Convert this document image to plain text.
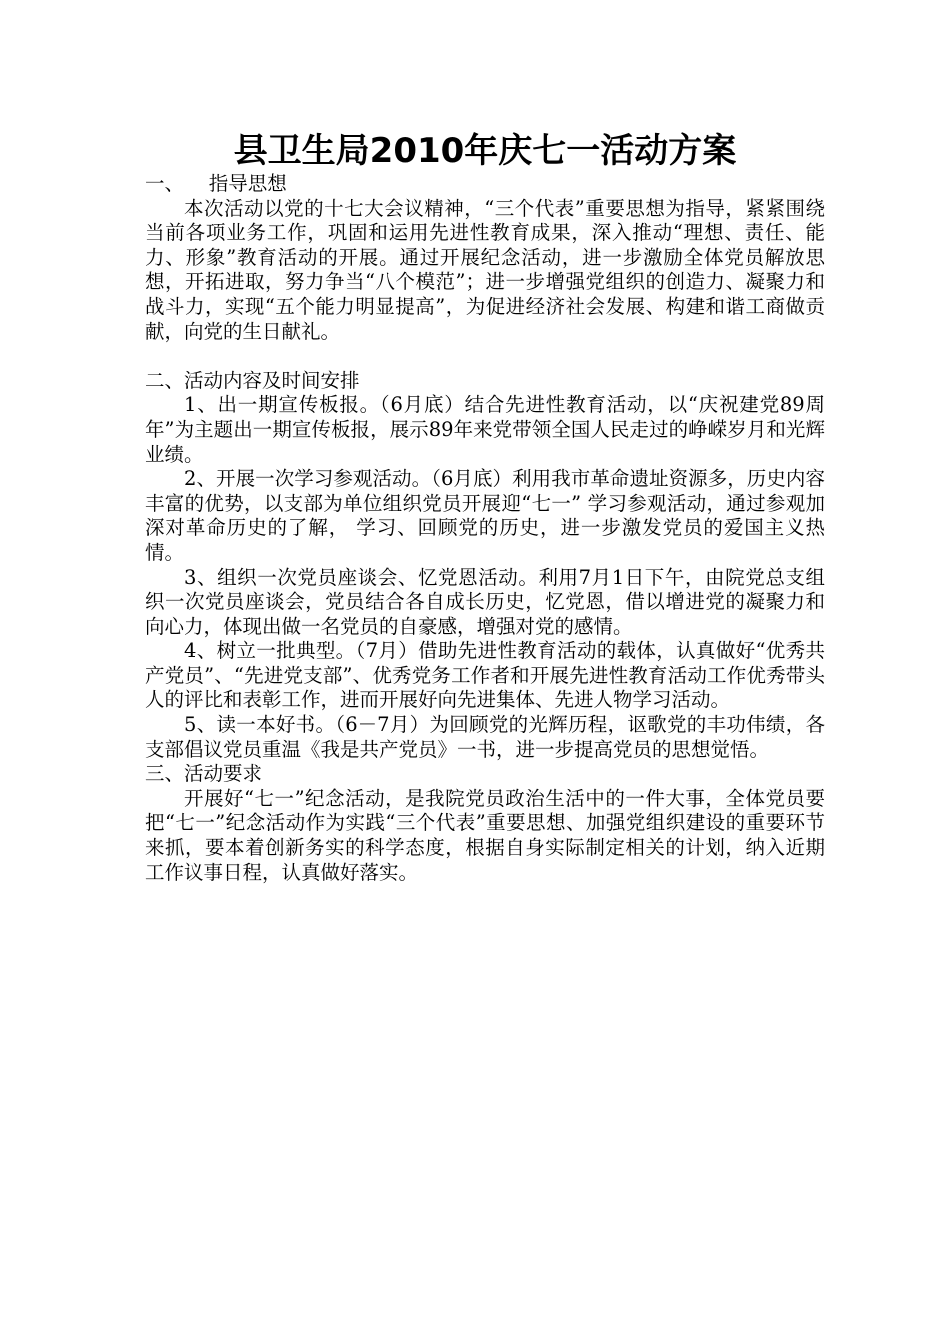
县卫生局2010年庆七一活动方案

一、    指导思想

本次活动以党的十七大会议精神，“三个代表”重要思想为指导，紧紧围绕当前各项业务工作，巩固和运用先进性教育成果，深入推动“理想、责任、能力、形象”教育活动的开展。通过开展纪念活动，进一步激励全体党员解放思想，开拓进取，努力争当“八个模范”；进一步增强党组织的创造力、凝聚力和战斗力，实现“五个能力明显提高”，为促进经济社会发展、构建和谐工商做贡献，向党的生日献礼。

二、活动内容及时间安排

1、出一期宣传板报。（6月底）结合先进性教育活动，以“庆祝建党89周年”为主题出一期宣传板报，展示89年来党带领全国人民走过的峥嵘岁月和光辉业绩。

2、开展一次学习参观活动。（6月底）利用我市革命遗址资源多，历史内容丰富的优势，以支部为单位组织党员开展迎“七一” 学习参观活动，通过参观加深对革命历史的了解， 学习、回顾党的历史，进一步激发党员的爱国主义热情。

3、组织一次党员座谈会、忆党恩活动。利用7月1日下午，由院党总支组织一次党员座谈会，党员结合各自成长历史，忆党恩，借以增进党的凝聚力和向心力，体现出做一名党员的自豪感，增强对党的感情。

4、树立一批典型。（7月）借助先进性教育活动的载体，认真做好“优秀共产党员”、“先进党支部”、优秀党务工作者和开展先进性教育活动工作优秀带头人的评比和表彰工作，进而开展好向先进集体、先进人物学习活动。

5、读一本好书。（6－7月）为回顾党的光辉历程，讴歌党的丰功伟绩，各支部倡议党员重温《我是共产党员》一书，进一步提高党员的思想觉悟。

三、活动要求

开展好“七一”纪念活动，是我院党员政治生活中的一件大事，全体党员要把“七一”纪念活动作为实践“三个代表”重要思想、加强党组织建设的重要环节来抓，要本着创新务实的科学态度，根据自身实际制定相关的计划，纳入近期工作议事日程，认真做好落实。
